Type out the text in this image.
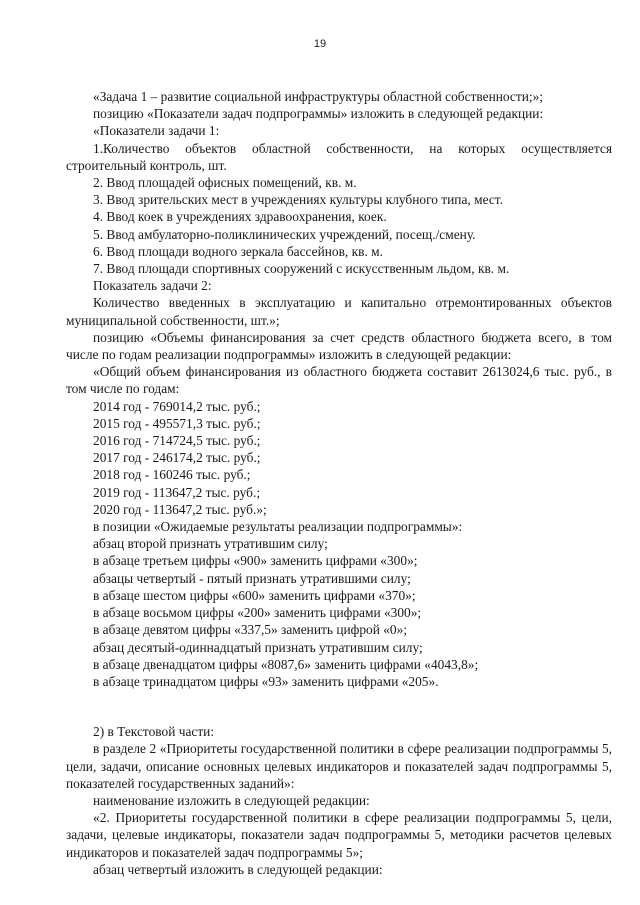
19

«Задача 1 – развитие социальной инфраструктуры областной собственности;»;

позицию «Показатели задач подпрограммы» изложить в следующей редакции:

«Показатели задачи 1:

1.Количество объектов областной собственности, на которых осуществляется строительный контроль, шт.

2. Ввод площадей офисных помещений, кв. м.

3. Ввод зрительских мест в учреждениях культуры клубного типа, мест.

4. Ввод коек в учреждениях здравоохранения, коек.

5. Ввод амбулаторно-поликлинических учреждений, посещ./смену.

6. Ввод площади водного зеркала бассейнов, кв. м.

7. Ввод площади спортивных сооружений с искусственным льдом, кв. м.

Показатель задачи 2:

Количество введенных в эксплуатацию и капитально отремонтированных объектов муниципальной собственности, шт.»;

позицию «Объемы финансирования за счет средств областного бюджета всего, в том числе по годам реализации подпрограммы» изложить в следующей редакции:

«Общий объем финансирования из областного бюджета составит 2613024,6 тыс. руб., в том числе по годам:

2014 год - 769014,2 тыс. руб.;

2015 год - 495571,3 тыс. руб.;

2016 год - 714724,5 тыс. руб.;

2017 год - 246174,2 тыс. руб.;

2018 год - 160246 тыс. руб.;

2019 год - 113647,2 тыс. руб.;

2020 год - 113647,2 тыс. руб.»;

в позиции «Ожидаемые результаты реализации подпрограммы»:

абзац второй признать утратившим силу;

в абзаце третьем цифры «900» заменить цифрами «300»;

абзацы четвертый - пятый признать утратившими силу;

в абзаце шестом цифры «600» заменить цифрами «370»;

в абзаце восьмом цифры «200» заменить цифрами «300»;

в абзаце девятом цифры «337,5» заменить цифрой «0»;

абзац десятый-одиннадцатый признать утратившим силу;

в абзаце двенадцатом цифры «8087,6» заменить цифрами «4043,8»;

в абзаце тринадцатом цифры «93» заменить цифрами «205».

2) в Текстовой части:

в разделе 2 «Приоритеты государственной политики в сфере реализации подпрограммы 5, цели, задачи, описание основных целевых индикаторов и показателей задач подпрограммы 5, показателей государственных заданий»:

наименование изложить в следующей редакции:

«2. Приоритеты государственной политики в сфере реализации подпрограммы 5, цели, задачи, целевые индикаторы, показатели задач подпрограммы 5, методики расчетов целевых индикаторов и показателей задач подпрограммы 5»;

абзац четвертый изложить в следующей редакции:
